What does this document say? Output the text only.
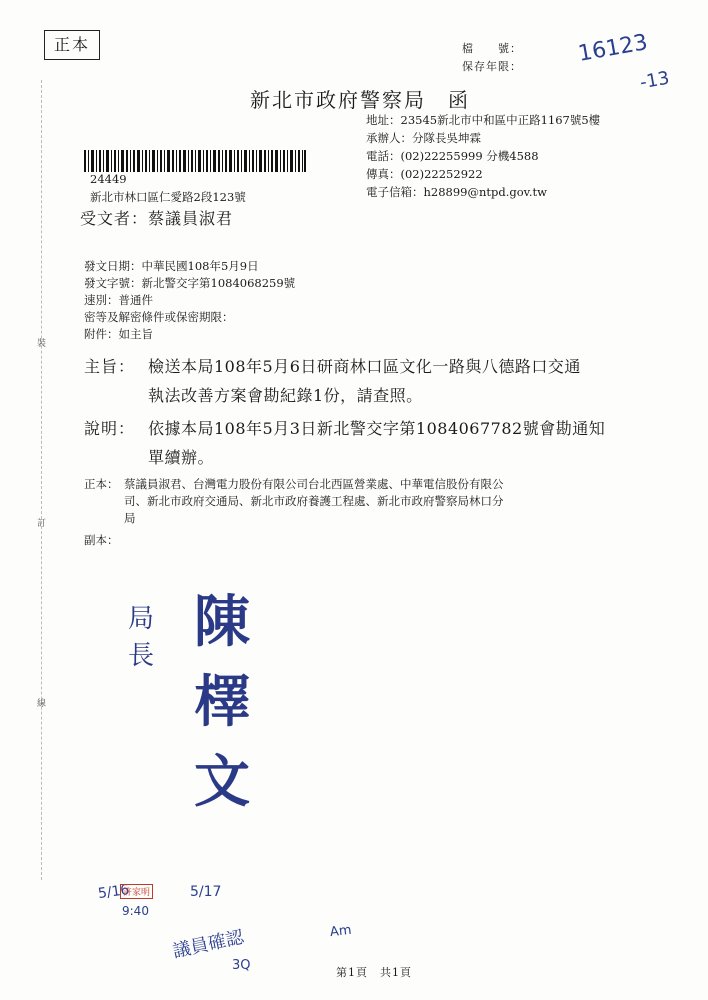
裝
訂
線
正本	檔　　號：
保存年限： 16123
-13
新北市政府警察局　函
地址：23545新北市中和區中正路1167號5樓
承辦人：分隊長吳坤霖
電話：(02)22255999 分機4588
傳真：(02)22252922
電子信箱：h28899@ntpd.gov.tw
24449
新北市林口區仁愛路2段123號
受文者：蔡議員淑君
發文日期：中華民國108年5月9日
發文字號：新北警交字第1084068259號
速別：普通件
密等及解密條件或保密期限：
附件：如主旨
主旨： 檢送本局108年5月6日研商林口區文化一路與八德路口交通
執法改善方案會勘紀錄1份，請查照。
說明： 依據本局108年5月3日新北警交字第1084067782號會勘通知
單續辦。
正本： 蔡議員淑君、台灣電力股份有限公司台北西區營業處、中華電信股份有限公
司、新北市政府交通局、新北市政府養護工程處、新北市政府警察局林口分
局
副本：
局長
陳檡文
5/16
9:40
許家明	5/17
議員確認
3Q
Am
第1頁　共1頁
